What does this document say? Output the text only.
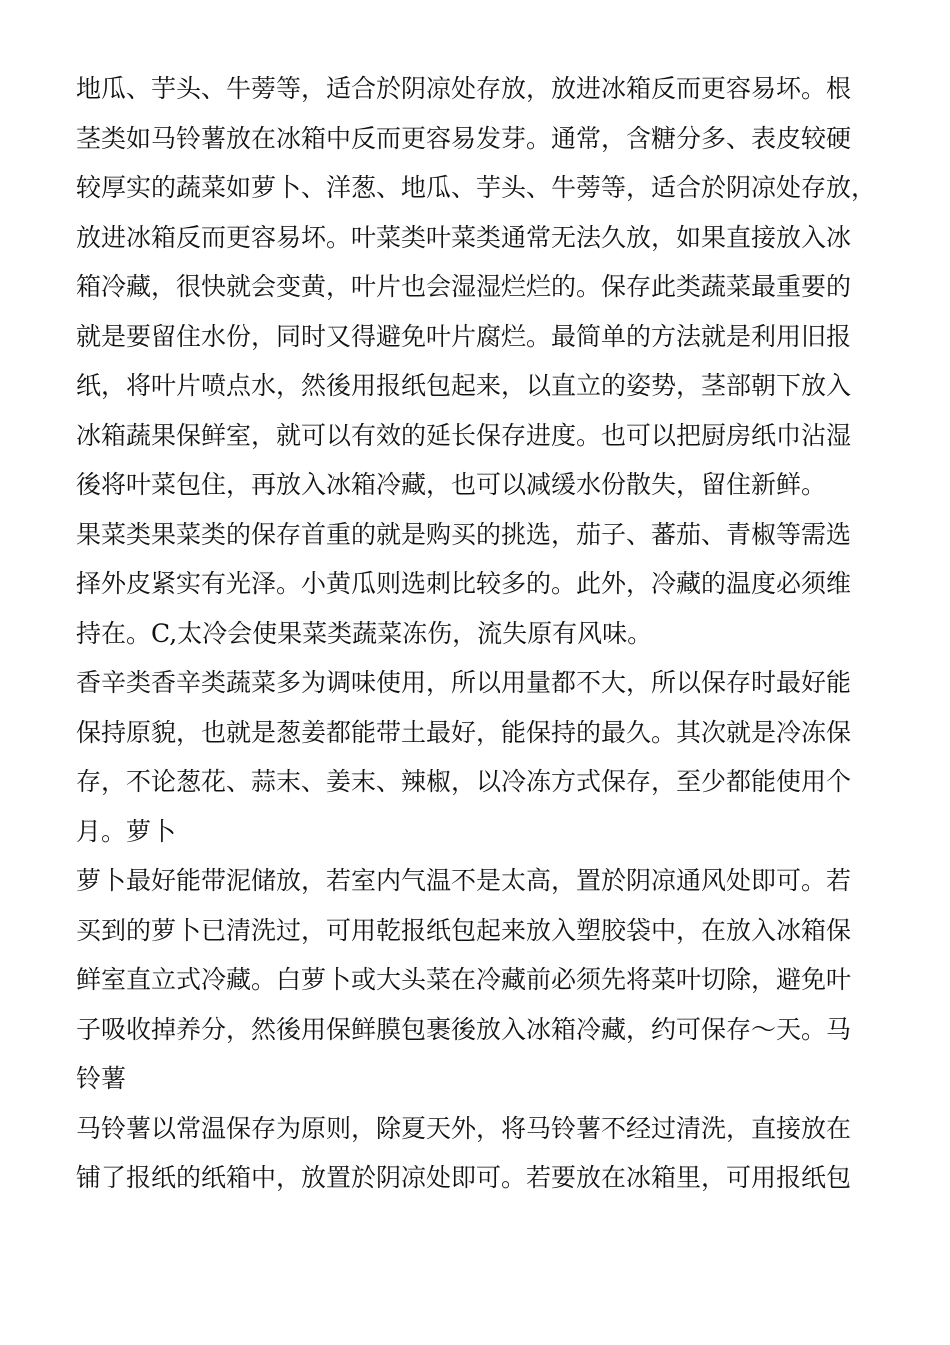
地瓜、芋头、牛蒡等，适合於阴凉处存放，放进冰箱反而更容易坏。根
茎类如马铃薯放在冰箱中反而更容易发芽。通常，含糖分多、表皮较硬
较厚实的蔬菜如萝卜、洋葱、地瓜、芋头、牛蒡等，适合於阴凉处存放，
放进冰箱反而更容易坏。叶菜类叶菜类通常无法久放，如果直接放入冰
箱冷藏，很快就会变黄，叶片也会湿湿烂烂的。保存此类蔬菜最重要的
就是要留住水份，同时又得避免叶片腐烂。最简单的方法就是利用旧报
纸，将叶片喷点水，然後用报纸包起来，以直立的姿势，茎部朝下放入
冰箱蔬果保鲜室，就可以有效的延长保存进度。也可以把厨房纸巾沾湿
後将叶菜包住，再放入冰箱冷藏，也可以减缓水份散失，留住新鲜。
果菜类果菜类的保存首重的就是购买的挑选，茄子、蕃茄、青椒等需选
择外皮紧实有光泽。小黄瓜则选刺比较多的。此外，冷藏的温度必须维
持在。C,太冷会使果菜类蔬菜冻伤，流失原有风味。
香辛类香辛类蔬菜多为调味使用，所以用量都不大，所以保存时最好能
保持原貌，也就是葱姜都能带土最好，能保持的最久。其次就是冷冻保
存，不论葱花、蒜末、姜末、辣椒，以冷冻方式保存，至少都能使用个
月。萝卜
萝卜最好能带泥储放，若室内气温不是太高，置於阴凉通风处即可。若
买到的萝卜已清洗过，可用乾报纸包起来放入塑胶袋中，在放入冰箱保
鲜室直立式冷藏。白萝卜或大头菜在冷藏前必须先将菜叶切除，避免叶
子吸收掉养分，然後用保鲜膜包裹後放入冰箱冷藏，约可保存〜天。马
铃薯
马铃薯以常温保存为原则，除夏天外，将马铃薯不经过清洗，直接放在
铺了报纸的纸箱中，放置於阴凉处即可。若要放在冰箱里，可用报纸包
